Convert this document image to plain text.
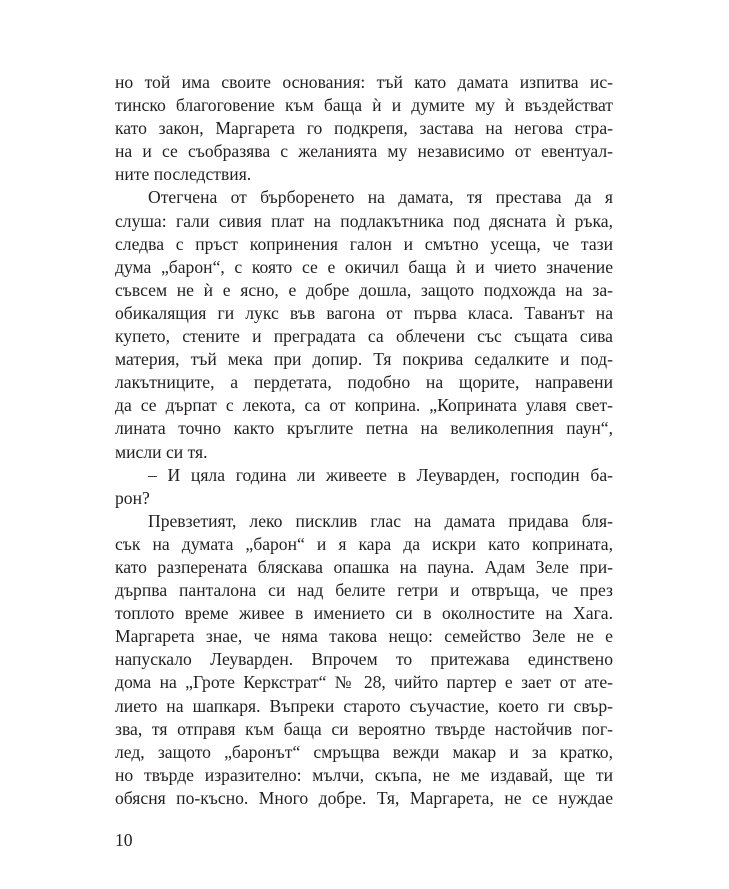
но той има своите основания: тъй като дамата изпитва ис-
тинско благоговение към баща ѝ и думите му ѝ въздействат
като закон, Маргарета го подкрепя, застава на негова стра-
на и се съобразява с желанията му независимо от евентуал-
ните последствия.
Отегчена от бърборенето на дамата, тя престава да я
слуша: гали сивия плат на подлакътника под дясната ѝ ръка,
следва с пръст копринения галон и смътно усеща, че тази
дума „барон“, с която се е окичил баща ѝ и чието значение
съвсем не ѝ е ясно, е добре дошла, защото подхожда на за-
обикалящия ги лукс във вагона от първа класа. Таванът на
купето, стените и преградата са облечени със същата сива
материя, тъй мека при допир. Тя покрива седалките и под-
лакътниците, а пердетата, подобно на щорите, направени
да се дърпат с лекота, са от коприна. „Коприната улавя свет-
лината точно както кръглите петна на великолепния паун“,
мисли си тя.
– И цяла година ли живеете в Леуварден, господин ба-
рон?
Превзетият, леко писклив глас на дамата придава бля-
сък на думата „барон“ и я кара да искри като коприната,
като разперената бляскава опашка на пауна. Адам Зеле при-
дърпва панталона си над белите гетри и отвръща, че през
топлото време живее в имението си в околностите на Хага.
Маргарета знае, че няма такова нещо: семейство Зеле не е
напускало Леуварден. Впрочем то притежава единствено
дома на „Гроте Керкстрат“ № 28, чийто партер е зает от ате-
лието на шапкаря. Въпреки старото съучастие, което ги свър-
зва, тя отправя към баща си вероятно твърде настойчив пог-
лед, защото „баронът“ смръщва вежди макар и за кратко,
но твърде изразително: мълчи, скъпа, не ме издавай, ще ти
обясня по-късно. Много добре. Тя, Маргарета, не се нуждае
10
